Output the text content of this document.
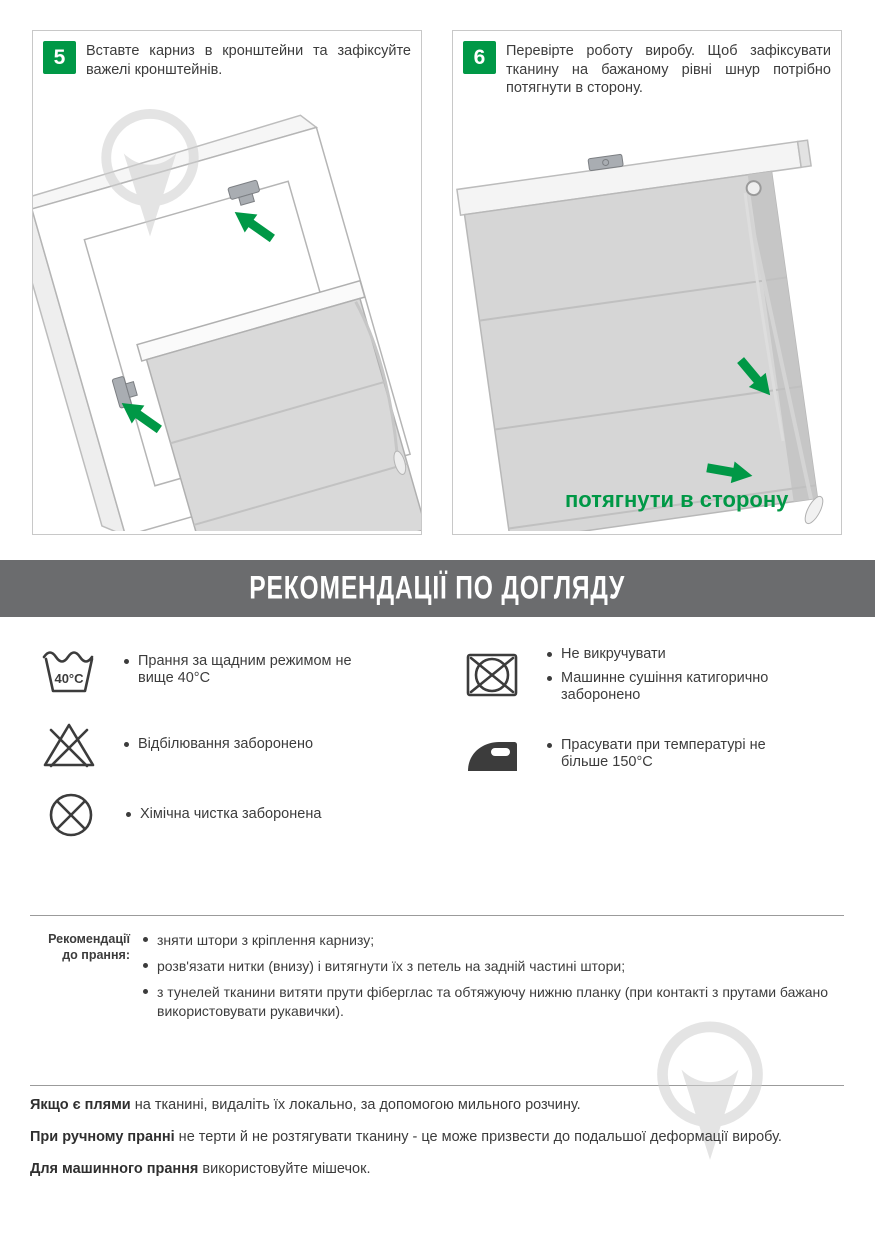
5	Вставте карниз в кронштейни та зафіксуйте важелі кронштейнів.
6	Перевірте роботу виробу. Щоб зафіксувати тканину на бажаному рівні шнур потрібно потягнути в сторону.
потягнути в сторону
РЕКОМЕНДАЦІЇ ПО ДОГЛЯДУ
40°C
Прання за щадним режимом не вище 40°С
Відбілювання заборонено
Хімічна чистка заборонена
Не викручувати
Машинне сушіння катигорично заборонено
Прасувати при температурі не більше 150°С
Рекомендації
до прання:
зняти штори з кріплення карнизу;
розв'язати нитки (внизу) і витягнути їх з петель на задній частині штори;
з тунелей тканини витяти прути фіберглас та обтяжуючу нижню планку (при контакті з прутами бажано використовувати рукавички).
Якщо є плями на тканині, видаліть їх локально, за допомогою мильного розчину.
При ручному пранні не терти й не розтягувати тканину - це може призвести до подальшої деформації виробу.
Для машинного прання використовуйте мішечок.
